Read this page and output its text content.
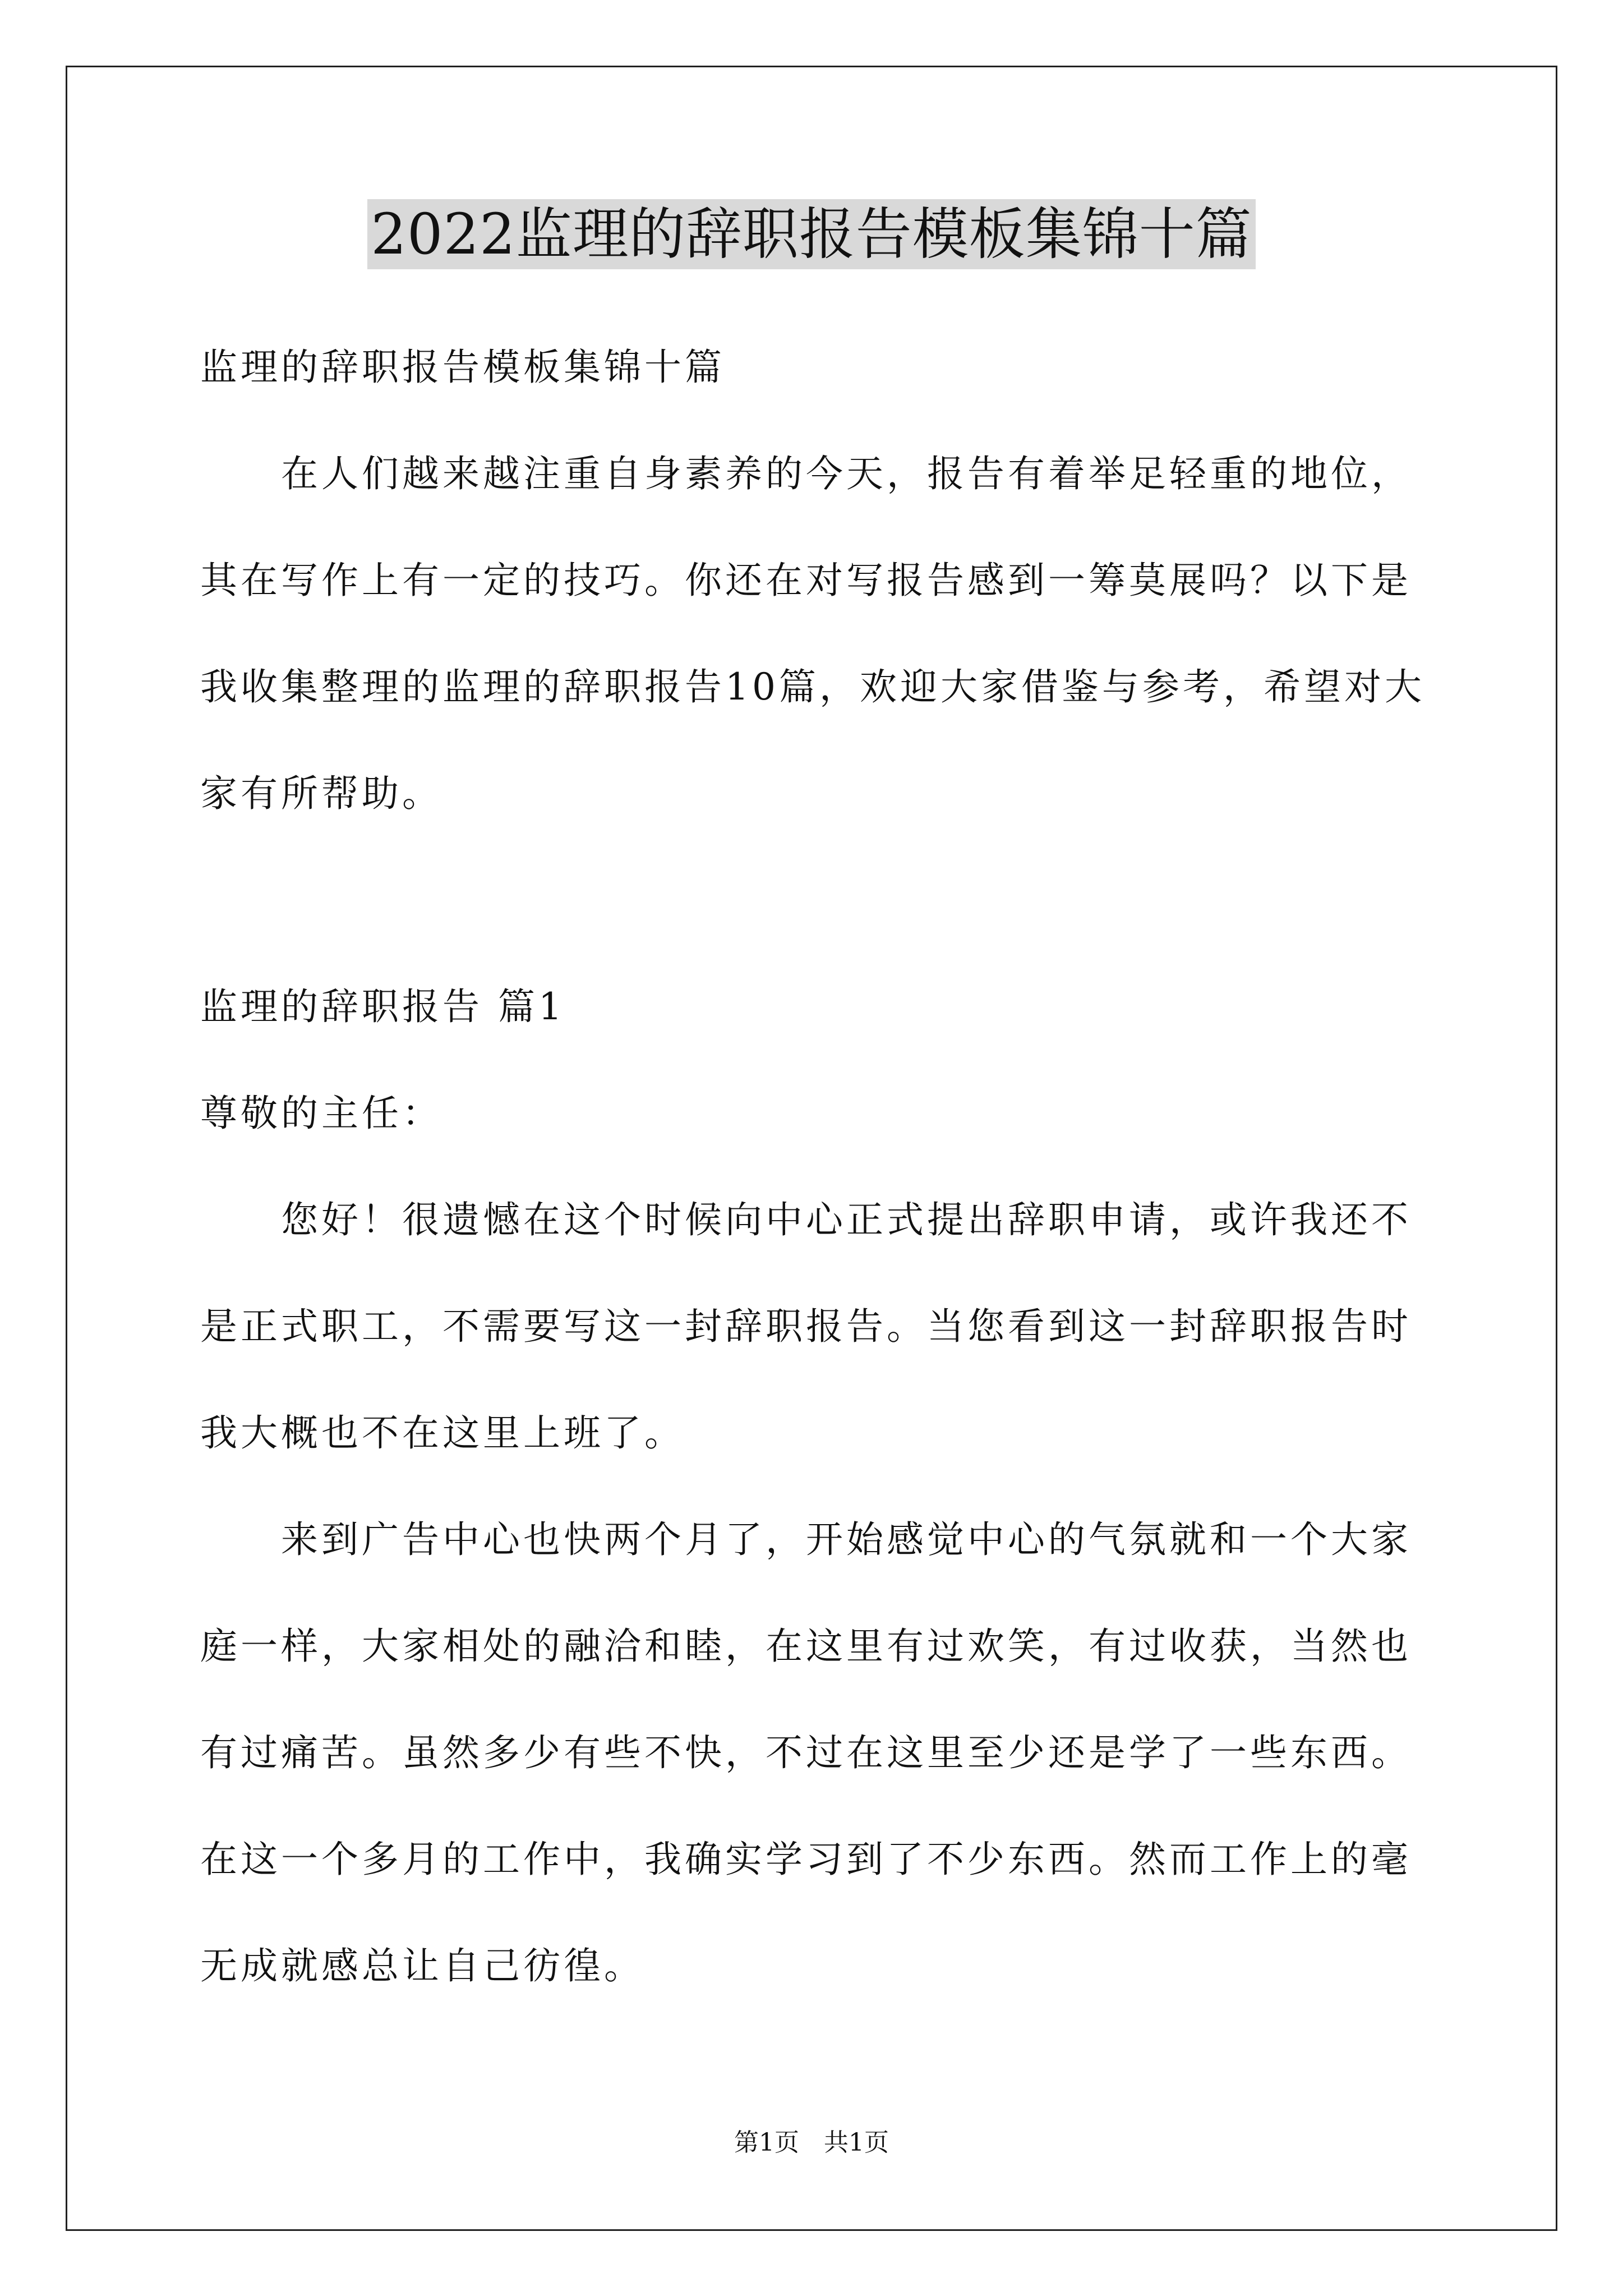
2022监理的辞职报告模板集锦十篇
监理的辞职报告模板集锦十篇
在人们越来越注重自身素养的今天，报告有着举足轻重的地位，
其在写作上有一定的技巧。你还在对写报告感到一筹莫展吗？以下是
我收集整理的监理的辞职报告10篇，欢迎大家借鉴与参考，希望对大
家有所帮助。
监理的辞职报告 篇1
尊敬的主任：
您好！很遗憾在这个时候向中心正式提出辞职申请，或许我还不
是正式职工，不需要写这一封辞职报告。当您看到这一封辞职报告时
我大概也不在这里上班了。
来到广告中心也快两个月了，开始感觉中心的气氛就和一个大家
庭一样，大家相处的融洽和睦，在这里有过欢笑，有过收获，当然也
有过痛苦。虽然多少有些不快，不过在这里至少还是学了一些东西。
在这一个多月的工作中，我确实学习到了不少东西。然而工作上的毫
无成就感总让自己彷徨。
第1页 共1页
